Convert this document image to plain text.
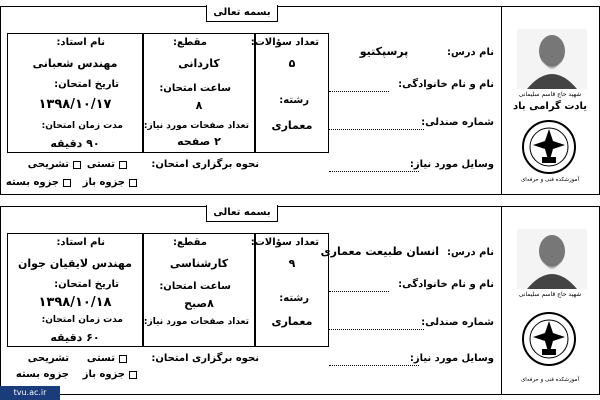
بسمه تعالی
شهید حاج قاسم سلیمانی
یادت گرامی باد
آموزشکده فنی و حرفه‌ای
نام درس:
پرسپکتیو
نام و نام خانوادگی:
شماره صندلی:
وسایل مورد نیاز:
تعداد سؤالات:
۵
رشته:
معماری
مقطع:
کاردانی
ساعت امتحان:
۸
تعداد صفحات مورد نیاز:
۲ صفحه
نام استاد:
مهندس شعبانی
تاریخ امتحان:
۱۳۹۸/۱۰/۱۷
مدت زمان امتحان:
۹۰ دقیقه
نحوه برگزاری امتحان:
تستی
تشریحی
جزوه باز
جزوه بسته
بسمه تعالی
شهید حاج قاسم سلیمانی
آموزشکده فنی و حرفه‌ای
نام درس:
انسان طبیعت معماری
نام و نام خانوادگی:
شماره صندلی:
وسایل مورد نیاز:
تعداد سؤالات:
۹
رشته:
معماری
مقطع:
کارشناسی
ساعت امتحان:
۸صبح
تعداد صفحات مورد نیاز:
نام استاد:
مهندس لایقیان جوان
تاریخ امتحان:
۱۳۹۸/۱۰/۱۸
مدت زمان امتحان:
۶۰ دقیقه
نحوه برگزاری امتحان:
تستی
تشریحی
جزوه باز
جزوه بسته
tvu.ac.ir
